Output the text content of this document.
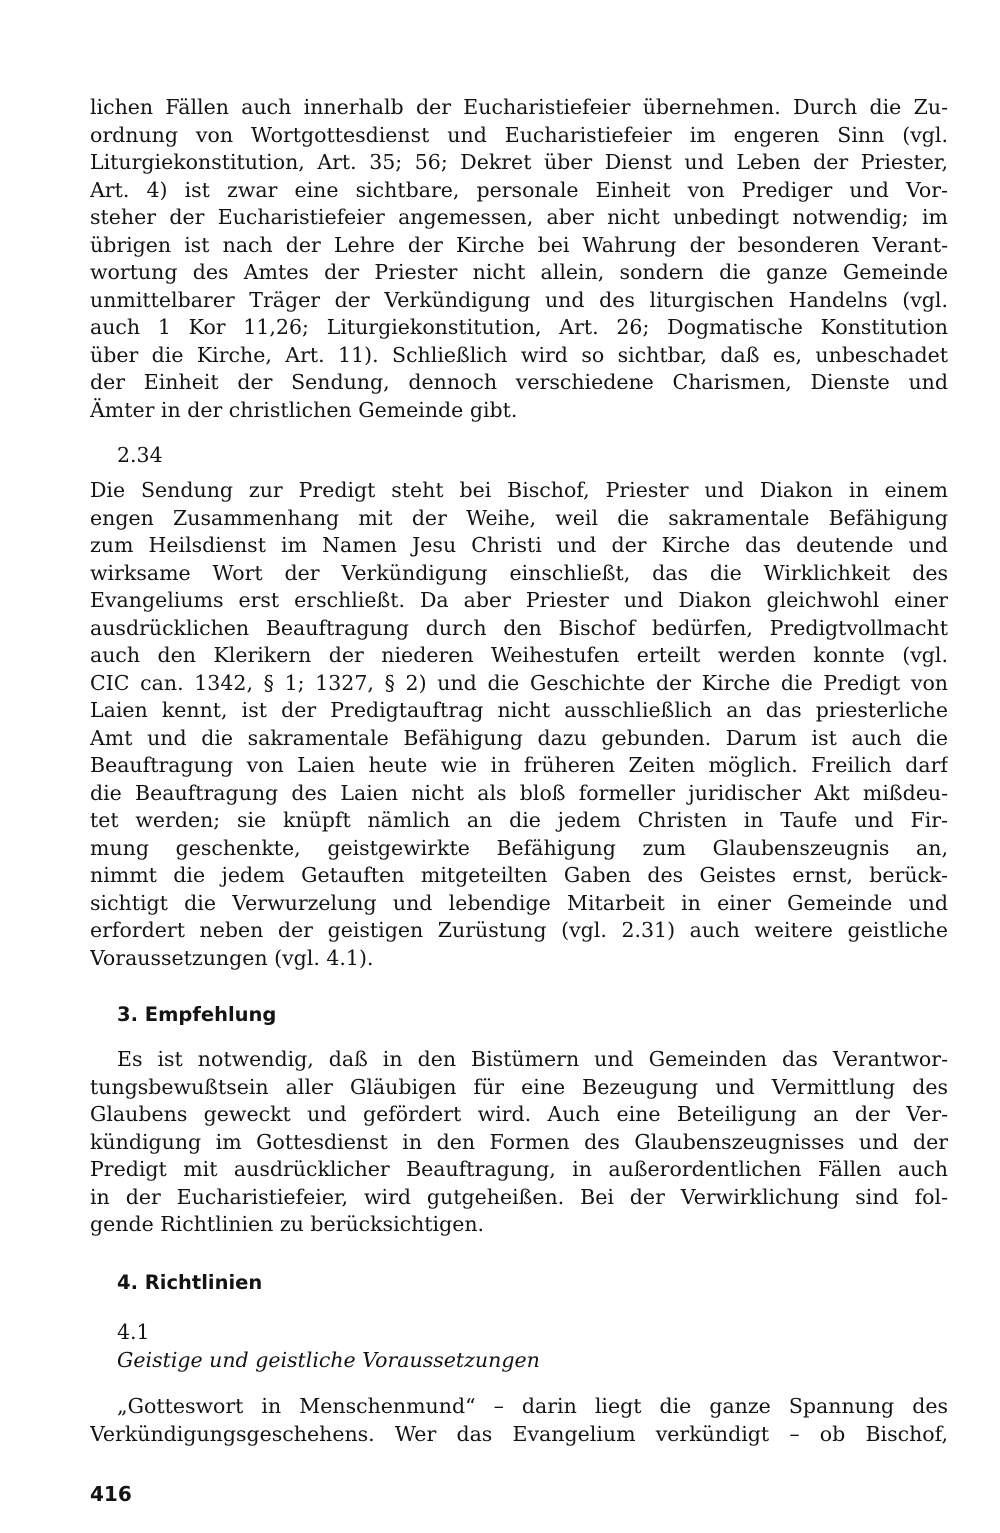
lichen Fällen auch innerhalb der Eucharistiefeier übernehmen. Durch die Zu-
ordnung von Wortgottesdienst und Eucharistiefeier im engeren Sinn (vgl.
Liturgiekonstitution, Art. 35; 56; Dekret über Dienst und Leben der Priester,
Art. 4) ist zwar eine sichtbare, personale Einheit von Prediger und Vor-
steher der Eucharistiefeier angemessen, aber nicht unbedingt notwendig; im
übrigen ist nach der Lehre der Kirche bei Wahrung der besonderen Verant-
wortung des Amtes der Priester nicht allein, sondern die ganze Gemeinde
unmittelbarer Träger der Verkündigung und des liturgischen Handelns (vgl.
auch 1 Kor 11,26; Liturgiekonstitution, Art. 26; Dogmatische Konstitution
über die Kirche, Art. 11). Schließlich wird so sichtbar, daß es, unbeschadet
der Einheit der Sendung, dennoch verschiedene Charismen, Dienste und
Ämter in der christlichen Gemeinde gibt.
2.34
Die Sendung zur Predigt steht bei Bischof, Priester und Diakon in einem
engen Zusammenhang mit der Weihe, weil die sakramentale Befähigung
zum Heilsdienst im Namen Jesu Christi und der Kirche das deutende und
wirksame Wort der Verkündigung einschließt, das die Wirklichkeit des
Evangeliums erst erschließt. Da aber Priester und Diakon gleichwohl einer
ausdrücklichen Beauftragung durch den Bischof bedürfen, Predigtvollmacht
auch den Klerikern der niederen Weihestufen erteilt werden konnte (vgl.
CIC can. 1342, § 1; 1327, § 2) und die Geschichte der Kirche die Predigt von
Laien kennt, ist der Predigtauftrag nicht ausschließlich an das priesterliche
Amt und die sakramentale Befähigung dazu gebunden. Darum ist auch die
Beauftragung von Laien heute wie in früheren Zeiten möglich. Freilich darf
die Beauftragung des Laien nicht als bloß formeller juridischer Akt mißdeu-
tet werden; sie knüpft nämlich an die jedem Christen in Taufe und Fir-
mung geschenkte, geistgewirkte Befähigung zum Glaubenszeugnis an,
nimmt die jedem Getauften mitgeteilten Gaben des Geistes ernst, berück-
sichtigt die Verwurzelung und lebendige Mitarbeit in einer Gemeinde und
erfordert neben der geistigen Zurüstung (vgl. 2.31) auch weitere geistliche
Voraussetzungen (vgl. 4.1).
3. Empfehlung
Es ist notwendig, daß in den Bistümern und Gemeinden das Verantwor-
tungsbewußtsein aller Gläubigen für eine Bezeugung und Vermittlung des
Glaubens geweckt und gefördert wird. Auch eine Beteiligung an der Ver-
kündigung im Gottesdienst in den Formen des Glaubenszeugnisses und der
Predigt mit ausdrücklicher Beauftragung, in außerordentlichen Fällen auch
in der Eucharistiefeier, wird gutgeheißen. Bei der Verwirklichung sind fol-
gende Richtlinien zu berücksichtigen.
4. Richtlinien
4.1
Geistige und geistliche Voraussetzungen
„Gotteswort in Menschenmund“ – darin liegt die ganze Spannung des
Verkündigungsgeschehens. Wer das Evangelium verkündigt – ob Bischof,
416
